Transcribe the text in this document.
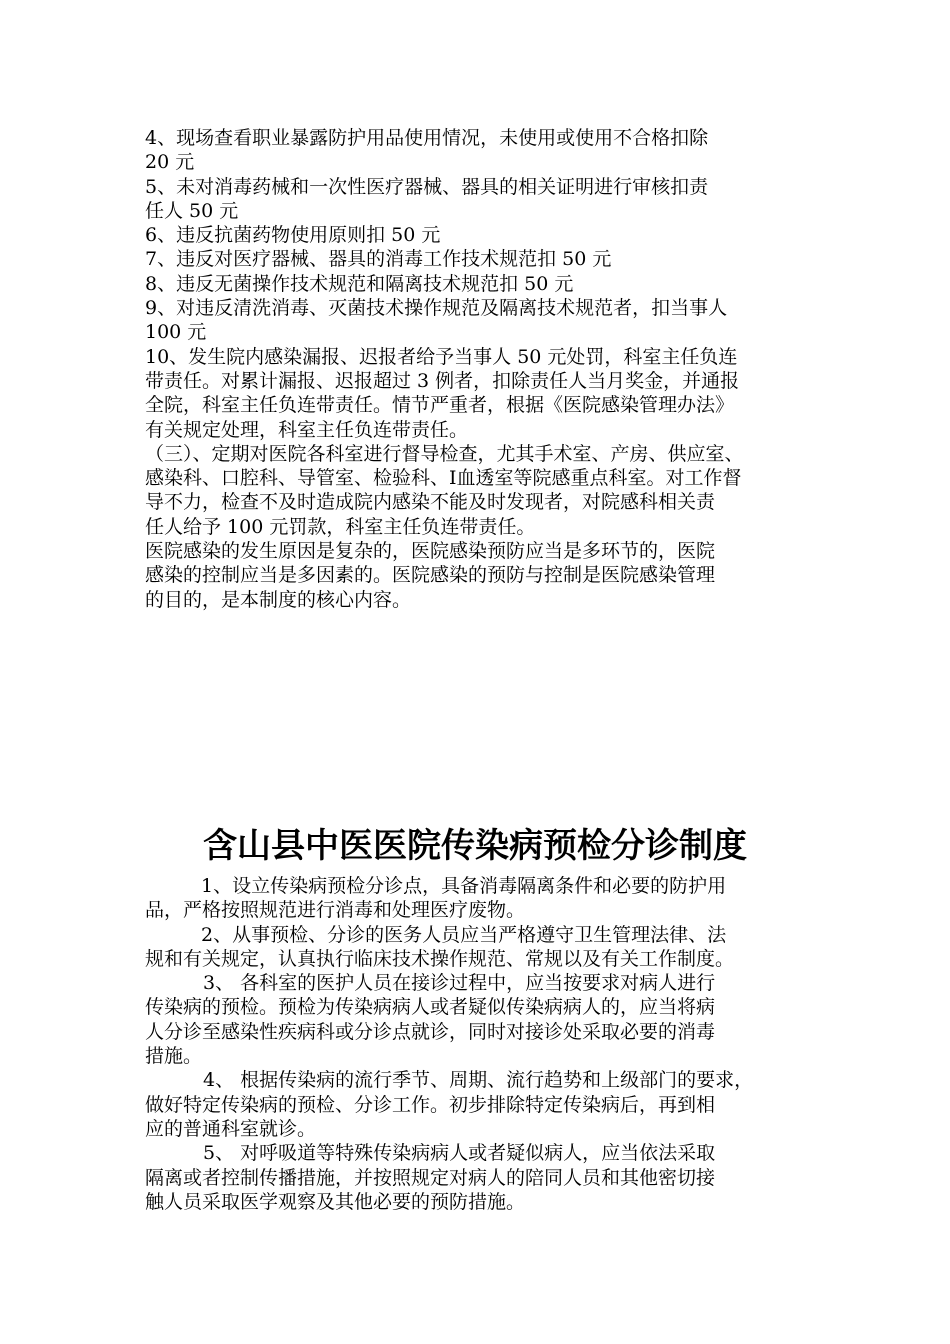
4、现场查看职业暴露防护用品使用情况，未使用或使用不合格扣除
20 元
5、未对消毒药械和一次性医疗器械、器具的相关证明进行审核扣责
任人 50 元
6、违反抗菌药物使用原则扣 50 元
7、违反对医疗器械、器具的消毒工作技术规范扣 50 元
8、违反无菌操作技术规范和隔离技术规范扣 50 元
9、对违反清洗消毒、灭菌技术操作规范及隔离技术规范者，扣当事人
100 元
10、发生院内感染漏报、迟报者给予当事人 50 元处罚，科室主任负连
带责任。对累计漏报、迟报超过 3 例者，扣除责任人当月奖金，并通报
全院，科室主任负连带责任。情节严重者，根据《医院感染管理办法》
有关规定处理，科室主任负连带责任。
（三）、定期对医院各科室进行督导检查，尤其手术室、产房、供应室、
感染科、口腔科、导管室、检验科、Ⅰ血透室等院感重点科室。对工作督
导不力，检查不及时造成院内感染不能及时发现者，对院感科相关责
任人给予 100 元罚款，科室主任负连带责任。
医院感染的发生原因是复杂的，医院感染预防应当是多环节的，医院
感染的控制应当是多因素的。医院感染的预防与控制是医院感染管理
的目的，是本制度的核心内容。
含山县中医医院传染病预检分诊制度
1、设立传染病预检分诊点，具备消毒隔离条件和必要的防护用
品，严格按照规范进行消毒和处理医疗废物。
2、从事预检、分诊的医务人员应当严格遵守卫生管理法律、法
规和有关规定，认真执行临床技术操作规范、常规以及有关工作制度。
3、 各科室的医护人员在接诊过程中，应当按要求对病人进行
传染病的预检。预检为传染病病人或者疑似传染病病人的，应当将病
人分诊至感染性疾病科或分诊点就诊，同时对接诊处采取必要的消毒
措施。
4、 根据传染病的流行季节、周期、流行趋势和上级部门的要求，
做好特定传染病的预检、分诊工作。初步排除特定传染病后，再到相
应的普通科室就诊。
5、 对呼吸道等特殊传染病病人或者疑似病人，应当依法采取
隔离或者控制传播措施，并按照规定对病人的陪同人员和其他密切接
触人员采取医学观察及其他必要的预防措施。
